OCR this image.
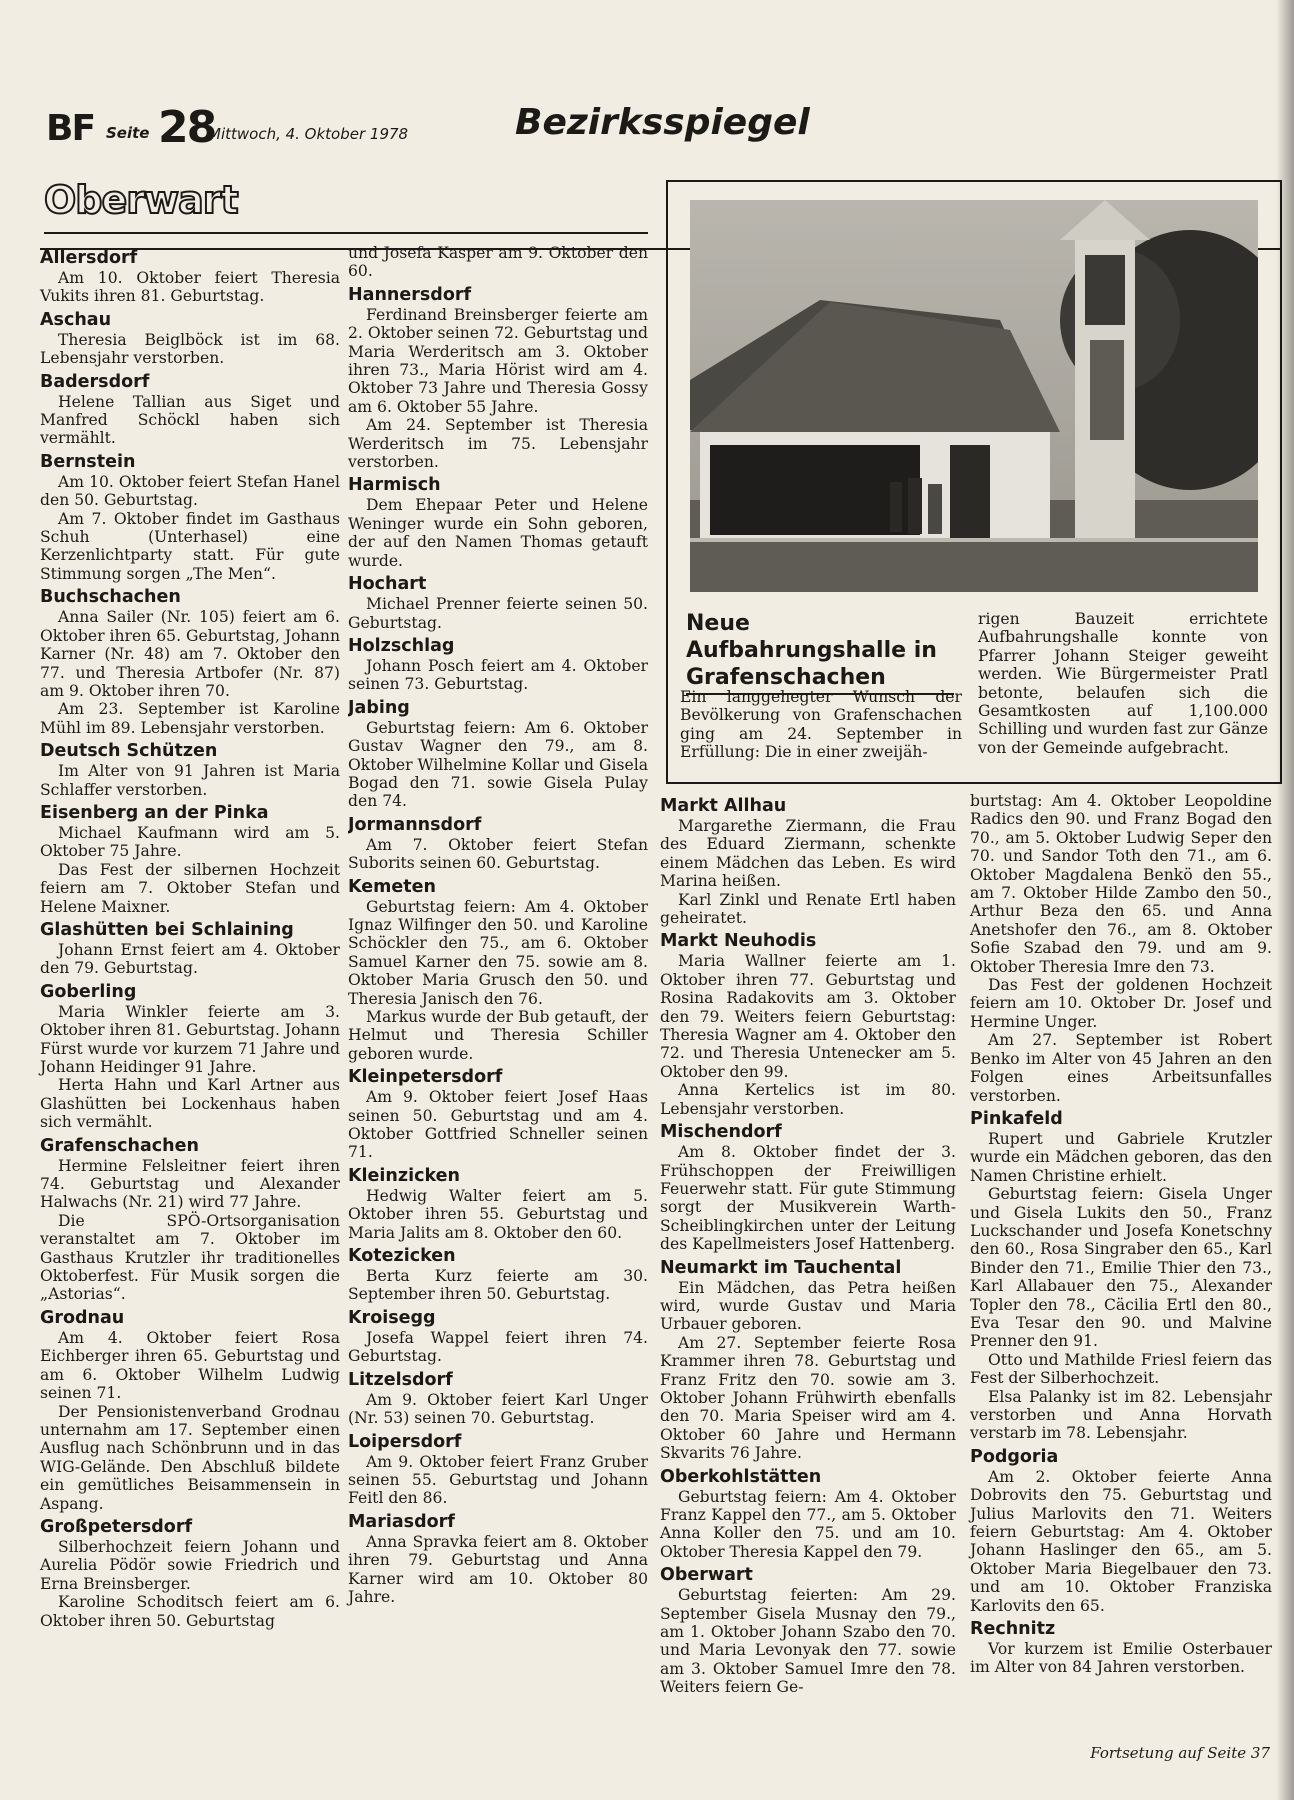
BF Seite 28
Mittwoch, 4. Oktober 1978	Bezirksspiegel
Oberwart
Allersdorf

Am 10. Oktober feiert Theresia Vukits ihren 81. Geburtstag.

Aschau

Theresia Beiglböck ist im 68. Lebensjahr verstorben.

Badersdorf

Helene Tallian aus Siget und Manfred Schöckl haben sich vermählt.

Bernstein

Am 10. Oktober feiert Stefan Hanel den 50. Geburtstag.

Am 7. Oktober findet im Gasthaus Schuh (Unterhasel) eine Kerzenlichtparty statt. Für gute Stimmung sorgen „The Men“.

Buchschachen

Anna Sailer (Nr. 105) feiert am 6. Oktober ihren 65. Geburtstag, Johann Karner (Nr. 48) am 7. Oktober den 77. und Theresia Artbofer (Nr. 87) am 9. Oktober ihren 70.

Am 23. September ist Karoline Mühl im 89. Lebensjahr verstorben.

Deutsch Schützen

Im Alter von 91 Jahren ist Maria Schlaffer verstorben.

Eisenberg an der Pinka

Michael Kaufmann wird am 5. Oktober 75 Jahre.

Das Fest der silbernen Hochzeit feiern am 7. Oktober Stefan und Helene Maixner.

Glashütten bei Schlaining

Johann Ernst feiert am 4. Oktober den 79. Geburtstag.

Goberling

Maria Winkler feierte am 3. Oktober ihren 81. Geburtstag. Johann Fürst wurde vor kurzem 71 Jahre und Johann Heidinger 91 Jahre.

Herta Hahn und Karl Artner aus Glashütten bei Lockenhaus haben sich vermählt.

Grafenschachen

Hermine Felsleitner feiert ihren 74. Geburtstag und Alexander Halwachs (Nr. 21) wird 77 Jahre.

Die SPÖ-Ortsorganisation veranstaltet am 7. Oktober im Gasthaus Krutzler ihr traditionelles Oktoberfest. Für Musik sorgen die „Astorias“.

Grodnau

Am 4. Oktober feiert Rosa Eichberger ihren 65. Geburtstag und am 6. Oktober Wilhelm Ludwig seinen 71.

Der Pensionistenverband Grodnau unternahm am 17. September einen Ausflug nach Schönbrunn und in das WIG-Gelände. Den Abschluß bildete ein gemütliches Beisammensein in Aspang.

Großpetersdorf

Silberhochzeit feiern Johann und Aurelia Pödör sowie Friedrich und Erna Breinsberger.

Karoline Schoditsch feiert am 6. Oktober ihren 50. Geburtstag

und Josefa Kasper am 9. Oktober den 60.

Hannersdorf

Ferdinand Breinsberger feierte am 2. Oktober seinen 72. Geburtstag und Maria Werderitsch am 3. Oktober ihren 73., Maria Hörist wird am 4. Oktober 73 Jahre und Theresia Gossy am 6. Oktober 55 Jahre.

Am 24. September ist Theresia Werderitsch im 75. Lebensjahr verstorben.

Harmisch

Dem Ehepaar Peter und Helene Weninger wurde ein Sohn geboren, der auf den Namen Thomas getauft wurde.

Hochart

Michael Prenner feierte seinen 50. Geburtstag.

Holzschlag

Johann Posch feiert am 4. Oktober seinen 73. Geburtstag.

Jabing

Geburtstag feiern: Am 6. Oktober Gustav Wagner den 79., am 8. Oktober Wilhelmine Kollar und Gisela Bogad den 71. sowie Gisela Pulay den 74.

Jormannsdorf

Am 7. Oktober feiert Stefan Suborits seinen 60. Geburtstag.

Kemeten

Geburtstag feiern: Am 4. Oktober Ignaz Wilfinger den 50. und Karoline Schöckler den 75., am 6. Oktober Samuel Karner den 75. sowie am 8. Oktober Maria Grusch den 50. und Theresia Janisch den 76.

Markus wurde der Bub getauft, der Helmut und Theresia Schiller geboren wurde.

Kleinpetersdorf

Am 9. Oktober feiert Josef Haas seinen 50. Geburtstag und am 4. Oktober Gottfried Schneller seinen 71.

Kleinzicken

Hedwig Walter feiert am 5. Oktober ihren 55. Geburtstag und Maria Jalits am 8. Oktober den 60.

Kotezicken

Berta Kurz feierte am 30. September ihren 50. Geburtstag.

Kroisegg

Josefa Wappel feiert ihren 74. Geburtstag.

Litzelsdorf

Am 9. Oktober feiert Karl Unger (Nr. 53) seinen 70. Geburtstag.

Loipersdorf

Am 9. Oktober feiert Franz Gruber seinen 55. Geburtstag und Johann Feitl den 86.

Mariasdorf

Anna Spravka feiert am 8. Oktober ihren 79. Geburtstag und Anna Karner wird am 10. Oktober 80 Jahre.

Neue Aufbahrungshalle in Grafenschachen
Ein langgehegter Wunsch der Bevölkerung von Grafenschachen ging am 24. September in Erfüllung: Die in einer zweijäh-
rigen Bauzeit errichtete Aufbahrungshalle konnte von Pfarrer Johann Steiger geweiht werden. Wie Bürgermeister Pratl betonte, belaufen sich die Gesamtkosten auf 1,100.000 Schilling und wurden fast zur Gänze von der Gemeinde aufgebracht.
Markt Allhau

Margarethe Ziermann, die Frau des Eduard Ziermann, schenkte einem Mädchen das Leben. Es wird Marina heißen.

Karl Zinkl und Renate Ertl haben geheiratet.

Markt Neuhodis

Maria Wallner feierte am 1. Oktober ihren 77. Geburtstag und Rosina Radakovits am 3. Oktober den 79. Weiters feiern Geburtstag: Theresia Wagner am 4. Oktober den 72. und Theresia Untenecker am 5. Oktober den 99.

Anna Kertelics ist im 80. Lebensjahr verstorben.

Mischendorf

Am 8. Oktober findet der 3. Frühschoppen der Freiwilligen Feuerwehr statt. Für gute Stimmung sorgt der Musikverein Warth-Scheiblingkirchen unter der Leitung des Kapellmeisters Josef Hattenberg.

Neumarkt im Tauchental

Ein Mädchen, das Petra heißen wird, wurde Gustav und Maria Urbauer geboren.

Am 27. September feierte Rosa Krammer ihren 78. Geburtstag und Franz Fritz den 70. sowie am 3. Oktober Johann Frühwirth ebenfalls den 70. Maria Speiser wird am 4. Oktober 60 Jahre und Hermann Skvarits 76 Jahre.

Oberkohlstätten

Geburtstag feiern: Am 4. Oktober Franz Kappel den 77., am 5. Oktober Anna Koller den 75. und am 10. Oktober Theresia Kappel den 79.

Oberwart

Geburtstag feierten: Am 29. September Gisela Musnay den 79., am 1. Oktober Johann Szabo den 70. und Maria Levonyak den 77. sowie am 3. Oktober Samuel Imre den 78. Weiters feiern Ge-

burtstag: Am 4. Oktober Leopoldine Radics den 90. und Franz Bogad den 70., am 5. Oktober Ludwig Seper den 70. und Sandor Toth den 71., am 6. Oktober Magdalena Benkö den 55., am 7. Oktober Hilde Zambo den 50., Arthur Beza den 65. und Anna Anetshofer den 76., am 8. Oktober Sofie Szabad den 79. und am 9. Oktober Theresia Imre den 73.

Das Fest der goldenen Hochzeit feiern am 10. Oktober Dr. Josef und Hermine Unger.

Am 27. September ist Robert Benko im Alter von 45 Jahren an den Folgen eines Arbeitsunfalles verstorben.

Pinkafeld

Rupert und Gabriele Krutzler wurde ein Mädchen geboren, das den Namen Christine erhielt.

Geburtstag feiern: Gisela Unger und Gisela Lukits den 50., Franz Luckschander und Josefa Konetschny den 60., Rosa Singraber den 65., Karl Binder den 71., Emilie Thier den 73., Karl Allabauer den 75., Alexander Topler den 78., Cäcilia Ertl den 80., Eva Tesar den 90. und Malvine Prenner den 91.

Otto und Mathilde Friesl feiern das Fest der Silberhochzeit.

Elsa Palanky ist im 82. Lebensjahr verstorben und Anna Horvath verstarb im 78. Lebensjahr.

Podgoria

Am 2. Oktober feierte Anna Dobrovits den 75. Geburtstag und Julius Marlovits den 71. Weiters feiern Geburtstag: Am 4. Oktober Johann Haslinger den 65., am 5. Oktober Maria Biegelbauer den 73. und am 10. Oktober Franziska Karlovits den 65.

Rechnitz

Vor kurzem ist Emilie Osterbauer im Alter von 84 Jahren verstorben.

Fortsetung auf Seite 37
